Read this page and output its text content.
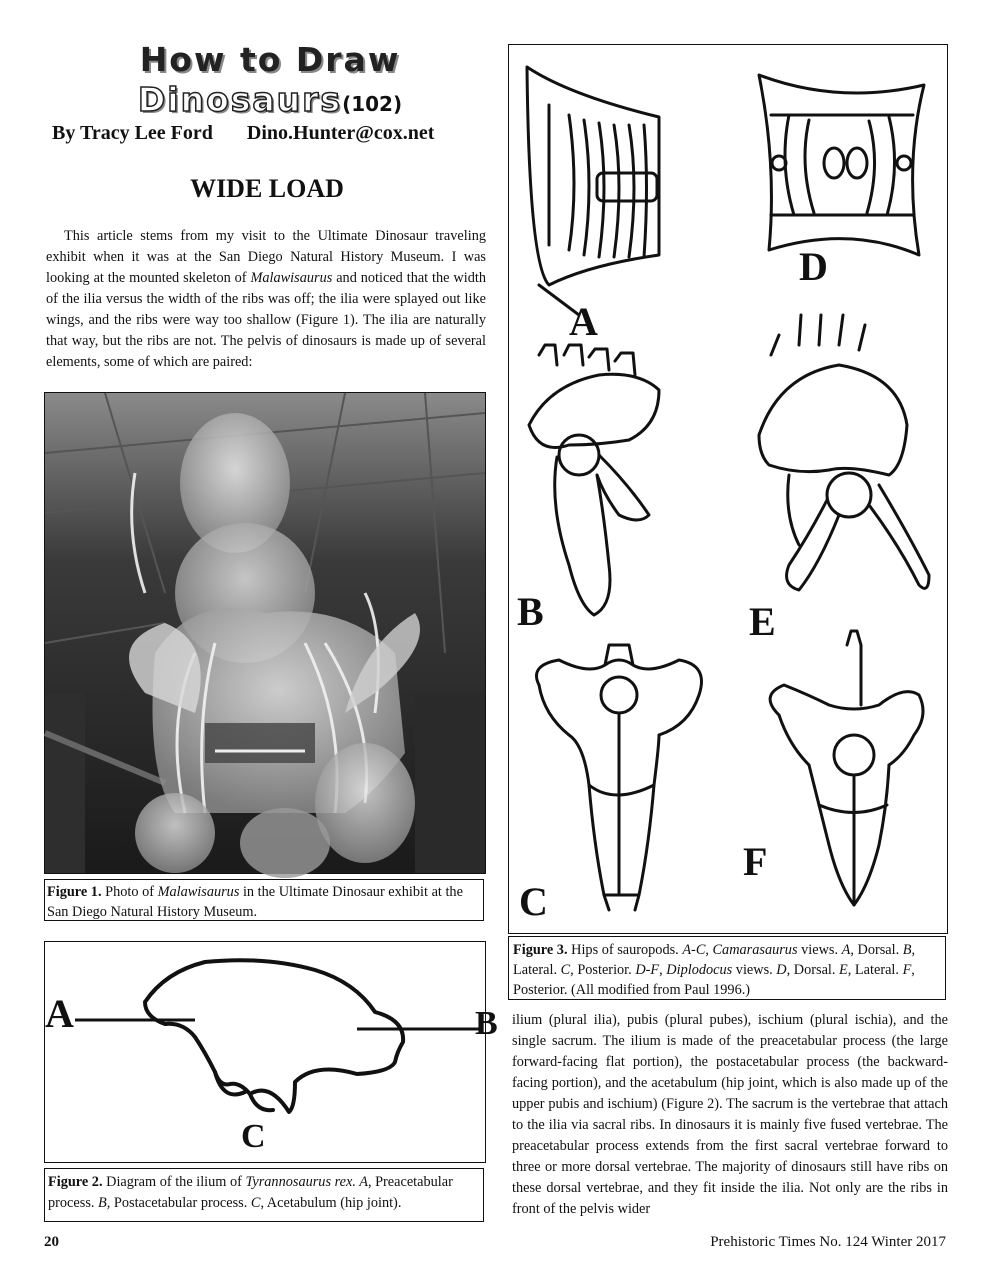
How to Draw
Dinosaurs(102)
By Tracy Lee Ford Dino.Hunter@cox.net
WIDE LOAD
This article stems from my visit to the Ultimate Dinosaur traveling exhibit when it was at the San Diego Natural History Museum. I was looking at the mounted skeleton of Malawisaurus and noticed that the width of the ilia versus the width of the ribs was off; the ilia were splayed out like wings, and the ribs were way too shallow (Figure 1). The ilia are naturally that way, but the ribs are not. The pelvis of dinosaurs is made up of several elements, some of which are paired:
Figure 1. Photo of Malawisaurus in the Ultimate Dinosaur exhibit at the San Diego Natural History Museum.
A	B
C
Figure 2. Diagram of the ilium of Tyrannosaurus rex. A, Preacetabular process. B, Postacetabular process. C, Acetabulum (hip joint).
A
B
C
D
E
F
Figure 3. Hips of sauropods. A-C, Camarasaurus views. A, Dorsal. B, Lateral. C, Posterior. D-F, Diplodocus views. D, Dorsal. E, Lateral. F, Posterior. (All modified from Paul 1996.)
ilium (plural ilia), pubis (plural pubes), ischium (plural ischia), and the single sacrum. The ilium is made of the preacetabular process (the large forward-facing flat portion), the postacetabular process (the backward-facing portion), and the acetabulum (hip joint, which is also made up of the upper pubis and ischium) (Figure 2). The sacrum is the vertebrae that attach to the ilia via sacral ribs. In dinosaurs it is mainly five fused vertebrae. The preacetabular process extends from the first sacral vertebrae forward to three or more dorsal vertebrae. The majority of dinosaurs still have ribs on these dorsal vertebrae, and they fit inside the ilia. Not only are the ribs in front of the pelvis wider
20	Prehistoric Times No. 124 Winter 2017
